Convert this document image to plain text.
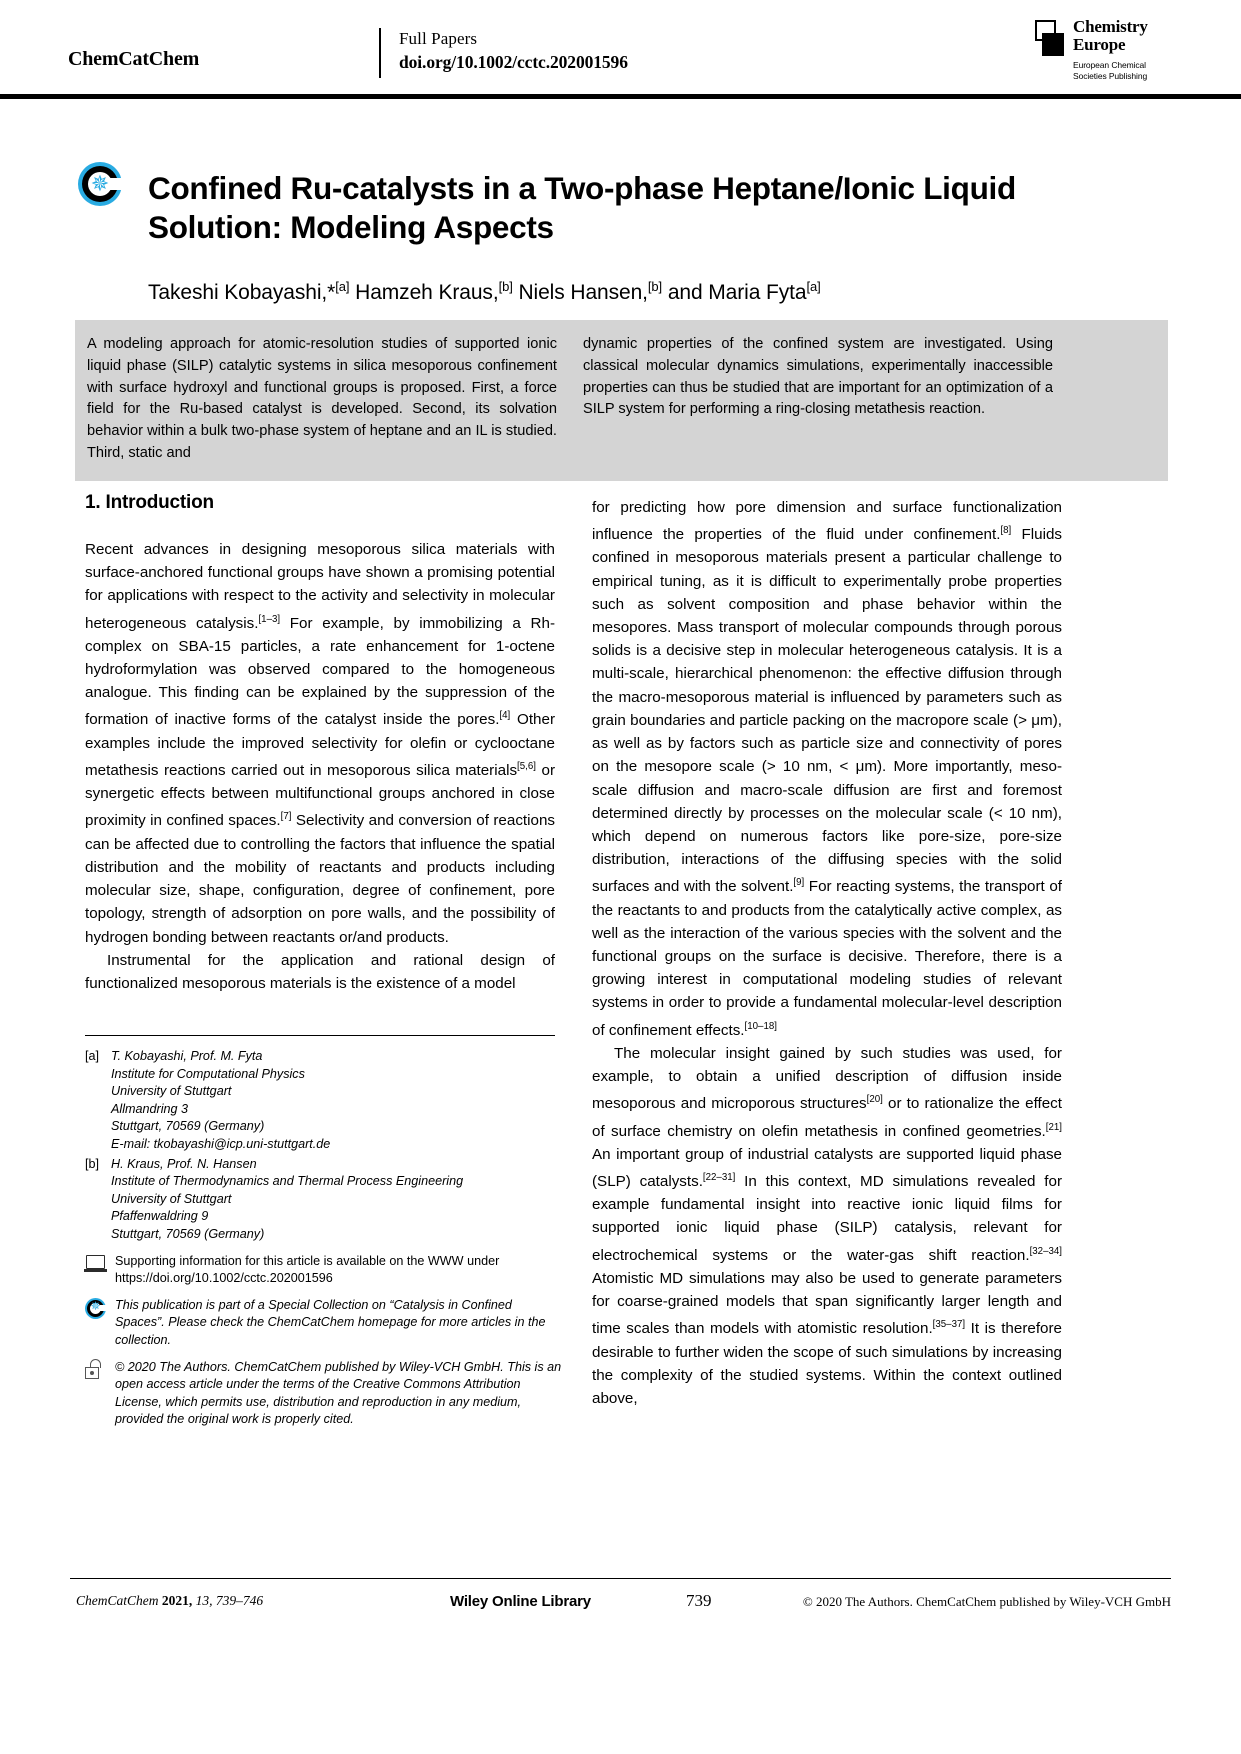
ChemCatChem
Full Papers
doi.org/10.1002/cctc.202001596
Chemistry
Europe
European Chemical
Societies Publishing
✵ Confined Ru-catalysts in a Two-phase Heptane/Ionic Liquid
Solution: Modeling Aspects
Takeshi Kobayashi,*[a] Hamzeh Kraus,[b] Niels Hansen,[b] and Maria Fyta[a]
A modeling approach for atomic-resolution studies of supported ionic liquid phase (SILP) catalytic systems in silica mesoporous confinement with surface hydroxyl and functional groups is proposed. First, a force field for the Ru-based catalyst is developed. Second, its solvation behavior within a bulk two-phase system of heptane and an IL is studied. Third, static and
dynamic properties of the confined system are investigated. Using classical molecular dynamics simulations, experimentally inaccessible properties can thus be studied that are important for an optimization of a SILP system for performing a ring-closing metathesis reaction.
1. Introduction

Recent advances in designing mesoporous silica materials with surface-anchored functional groups have shown a promising potential for applications with respect to the activity and selectivity in molecular heterogeneous catalysis.[1–3] For example, by immobilizing a Rh-complex on SBA-15 particles, a rate enhancement for 1-octene hydroformylation was observed compared to the homogeneous analogue. This finding can be explained by the suppression of the formation of inactive forms of the catalyst inside the pores.[4] Other examples include the improved selectivity for olefin or cyclooctane metathesis reactions carried out in mesoporous silica materials[5,6] or synergetic effects between multifunctional groups anchored in close proximity in confined spaces.[7] Selectivity and conversion of reactions can be affected due to controlling the factors that influence the spatial distribution and the mobility of reactants and products including molecular size, shape, configuration, degree of confinement, pore topology, strength of adsorption on pore walls, and the possibility of hydrogen bonding between reactants or/and products.

Instrumental for the application and rational design of functionalized mesoporous materials is the existence of a model

for predicting how pore dimension and surface functionalization influence the properties of the fluid under confinement.[8] Fluids confined in mesoporous materials present a particular challenge to empirical tuning, as it is difficult to experimentally probe properties such as solvent composition and phase behavior within the mesopores. Mass transport of molecular compounds through porous solids is a decisive step in molecular heterogeneous catalysis. It is a multi-scale, hierarchical phenomenon: the effective diffusion through the macro-mesoporous material is influenced by parameters such as grain boundaries and particle packing on the macropore scale (> μm), as well as by factors such as particle size and connectivity of pores on the mesopore scale (> 10 nm, < μm). More importantly, meso-scale diffusion and macro-scale diffusion are first and foremost determined directly by processes on the molecular scale (< 10 nm), which depend on numerous factors like pore-size, pore-size distribution, interactions of the diffusing species with the solid surfaces and with the solvent.[9] For reacting systems, the transport of the reactants to and products from the catalytically active complex, as well as the interaction of the various species with the solvent and the functional groups on the surface is decisive. Therefore, there is a growing interest in computational modeling studies of relevant systems in order to provide a fundamental molecular-level description of confinement effects.[10–18]

The molecular insight gained by such studies was used, for example, to obtain a unified description of diffusion inside mesoporous and microporous structures[20] or to rationalize the effect of surface chemistry on olefin metathesis in confined geometries.[21] An important group of industrial catalysts are supported liquid phase (SLP) catalysts.[22–31] In this context, MD simulations revealed for example fundamental insight into reactive ionic liquid films for supported ionic liquid phase (SILP) catalysis, relevant for electrochemical systems or the water-gas shift reaction.[32–34] Atomistic MD simulations may also be used to generate parameters for coarse-grained models that span significantly larger length and time scales than models with atomistic resolution.[35–37] It is therefore desirable to further widen the scope of such simulations by increasing the complexity of the studied systems. Within the context outlined above,

[a] T. Kobayashi, Prof. M. Fyta
Institute for Computational Physics
University of Stuttgart
Allmandring 3
Stuttgart, 70569 (Germany)
E-mail: tkobayashi@icp.uni-stuttgart.de
[b] H. Kraus, Prof. N. Hansen
Institute of Thermodynamics and Thermal Process Engineering
University of Stuttgart
Pfaffenwaldring 9
Stuttgart, 70569 (Germany)
Supporting information for this article is available on the WWW under https://doi.org/10.1002/cctc.202001596
✵ This publication is part of a Special Collection on “Catalysis in Confined Spaces”. Please check the ChemCatChem homepage for more articles in the collection.
© 2020 The Authors. ChemCatChem published by Wiley-VCH GmbH. This is an open access article under the terms of the Creative Commons Attribution License, which permits use, distribution and reproduction in any medium, provided the original work is properly cited.
ChemCatChem 2021, 13, 739–746	Wiley Online Library	739	© 2020 The Authors. ChemCatChem published by Wiley-VCH GmbH
